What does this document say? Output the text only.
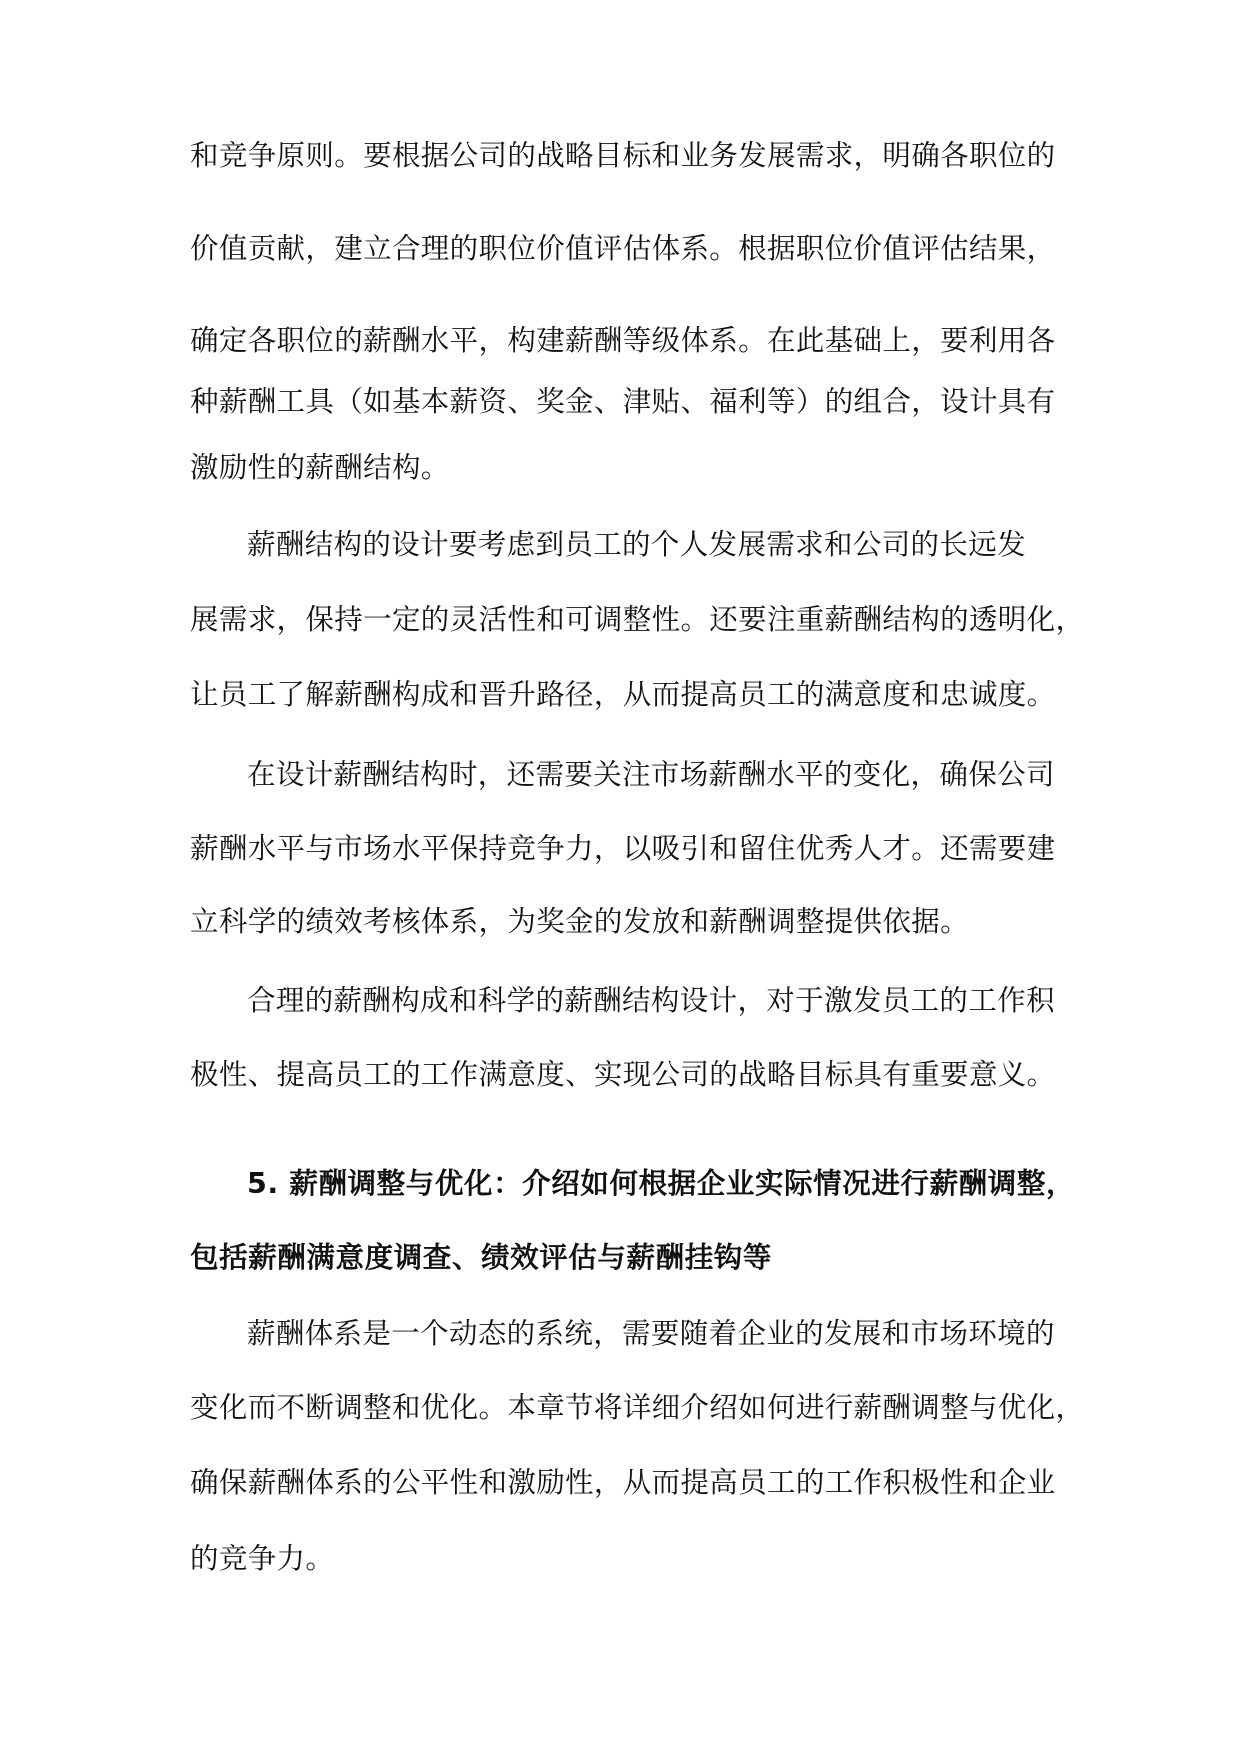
和竞争原则。要根据公司的战略目标和业务发展需求，明确各职位的

价值贡献，建立合理的职位价值评估体系。根据职位价值评估结果，

确定各职位的薪酬水平，构建薪酬等级体系。在此基础上，要利用各

种薪酬工具（如基本薪资、奖金、津贴、福利等）的组合，设计具有

激励性的薪酬结构。

薪酬结构的设计要考虑到员工的个人发展需求和公司的长远发

展需求，保持一定的灵活性和可调整性。还要注重薪酬结构的透明化，

让员工了解薪酬构成和晋升路径，从而提高员工的满意度和忠诚度。

在设计薪酬结构时，还需要关注市场薪酬水平的变化，确保公司

薪酬水平与市场水平保持竞争力，以吸引和留住优秀人才。还需要建

立科学的绩效考核体系，为奖金的发放和薪酬调整提供依据。

合理的薪酬构成和科学的薪酬结构设计，对于激发员工的工作积

极性、提高员工的工作满意度、实现公司的战略目标具有重要意义。

5. 薪酬调整与优化：介绍如何根据企业实际情况进行薪酬调整，

包括薪酬满意度调查、绩效评估与薪酬挂钩等

薪酬体系是一个动态的系统，需要随着企业的发展和市场环境的

变化而不断调整和优化。本章节将详细介绍如何进行薪酬调整与优化，

确保薪酬体系的公平性和激励性，从而提高员工的工作积极性和企业

的竞争力。
